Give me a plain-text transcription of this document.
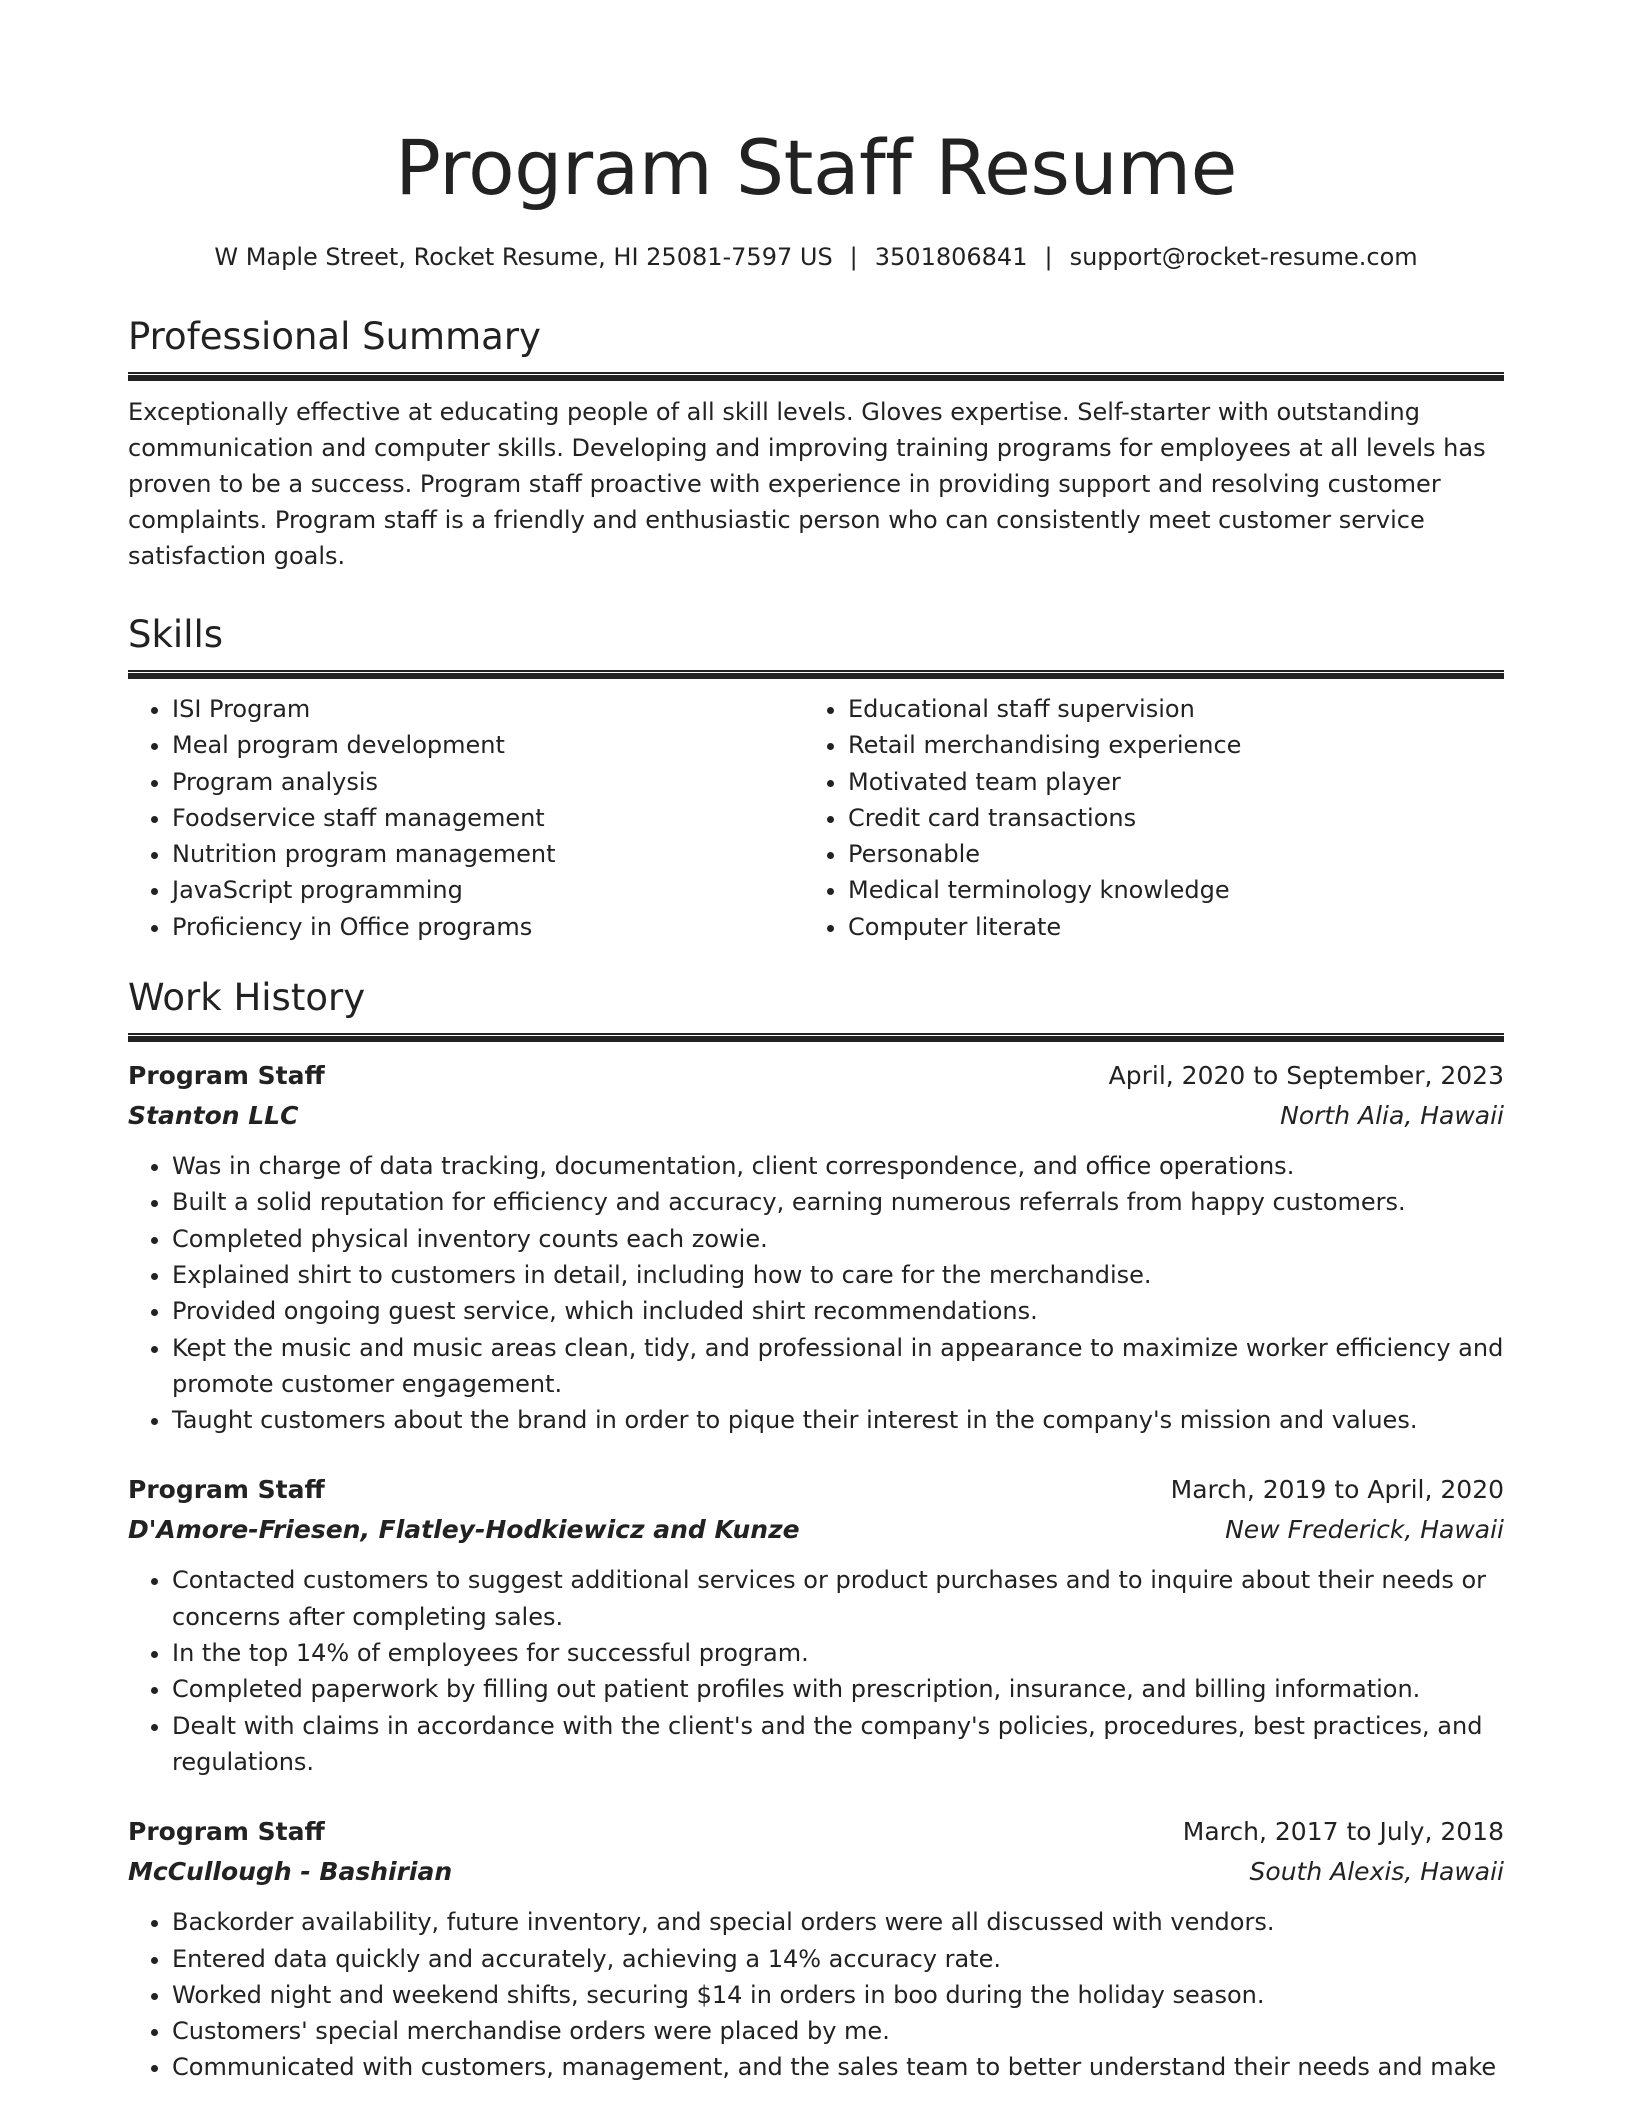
Program Staff Resume
W Maple Street, Rocket Resume, HI 25081-7597 US | 3501806841 | support@rocket-resume.com
Professional Summary

Exceptionally effective at educating people of all skill levels. Gloves expertise. Self-starter with outstanding communication and computer skills. Developing and improving training programs for employees at all levels has proven to be a success. Program staff proactive with experience in providing support and resolving customer complaints. Program staff is a friendly and enthusiastic person who can consistently meet customer service satisfaction goals.

Skills
• ISI Program
• Meal program development
• Program analysis
• Foodservice staff management
• Nutrition program management
• JavaScript programming
• Proficiency in Office programs
• Educational staff supervision
• Retail merchandising experience
• Motivated team player
• Credit card transactions
• Personable
• Medical terminology knowledge
• Computer literate
Work History
Program Staff	April, 2020 to September, 2023
Stanton LLC	North Alia, Hawaii
• Was in charge of data tracking, documentation, client correspondence, and office operations.
• Built a solid reputation for efficiency and accuracy, earning numerous referrals from happy customers.
• Completed physical inventory counts each zowie.
• Explained shirt to customers in detail, including how to care for the merchandise.
• Provided ongoing guest service, which included shirt recommendations.
• Kept the music and music areas clean, tidy, and professional in appearance to maximize worker efficiency and promote customer engagement.
• Taught customers about the brand in order to pique their interest in the company's mission and values.
Program Staff	March, 2019 to April, 2020
D'Amore-Friesen, Flatley-Hodkiewicz and Kunze	New Frederick, Hawaii
• Contacted customers to suggest additional services or product purchases and to inquire about their needs or concerns after completing sales.
• In the top 14% of employees for successful program.
• Completed paperwork by filling out patient profiles with prescription, insurance, and billing information.
• Dealt with claims in accordance with the client's and the company's policies, procedures, best practices, and regulations.
Program Staff	March, 2017 to July, 2018
McCullough - Bashirian	South Alexis, Hawaii
• Backorder availability, future inventory, and special orders were all discussed with vendors.
• Entered data quickly and accurately, achieving a 14% accuracy rate.
• Worked night and weekend shifts, securing $14 in orders in boo during the holiday season.
• Customers' special merchandise orders were placed by me.
• Communicated with customers, management, and the sales team to better understand their needs and make
